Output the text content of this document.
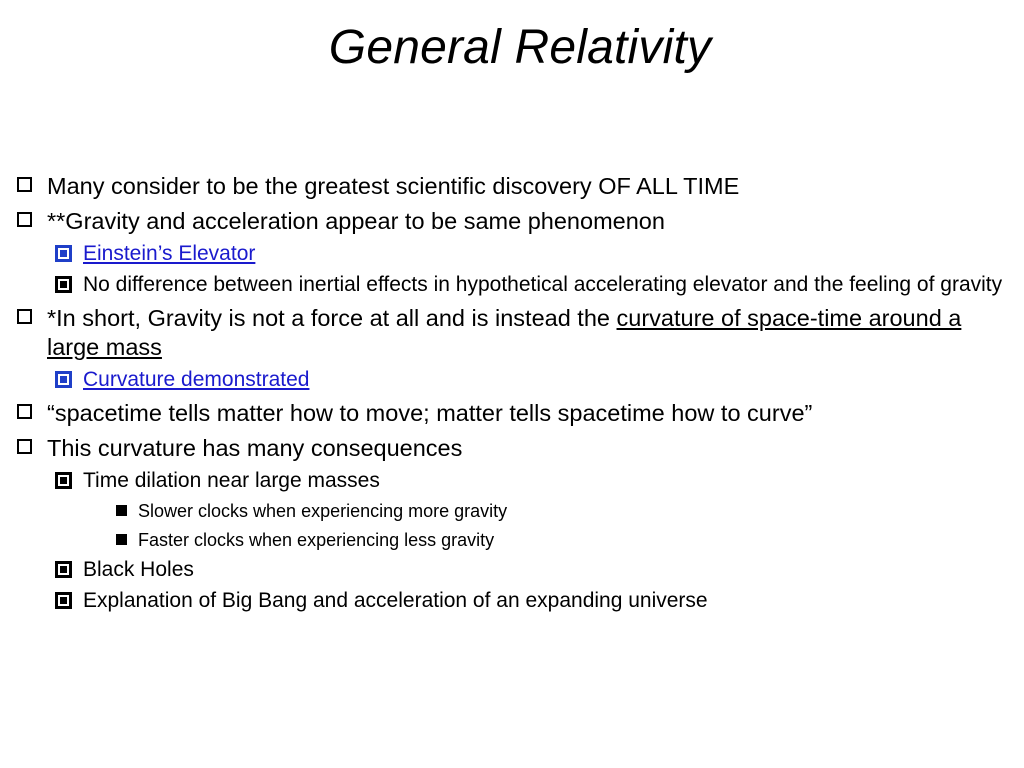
General Relativity
Many consider to be the greatest scientific discovery OF ALL TIME
**Gravity and acceleration appear to be same phenomenon
Einstein’s Elevator
No difference between inertial effects in hypothetical accelerating elevator and the feeling of gravity
*In short, Gravity is not a force at all and is instead the curvature of space-time around a large mass
Curvature demonstrated
“spacetime tells matter how to move; matter tells spacetime how to curve”
This curvature has many consequences
Time dilation near large masses
Slower clocks when experiencing more gravity
Faster clocks when experiencing less gravity
Black Holes
Explanation of Big Bang and acceleration of an expanding universe
